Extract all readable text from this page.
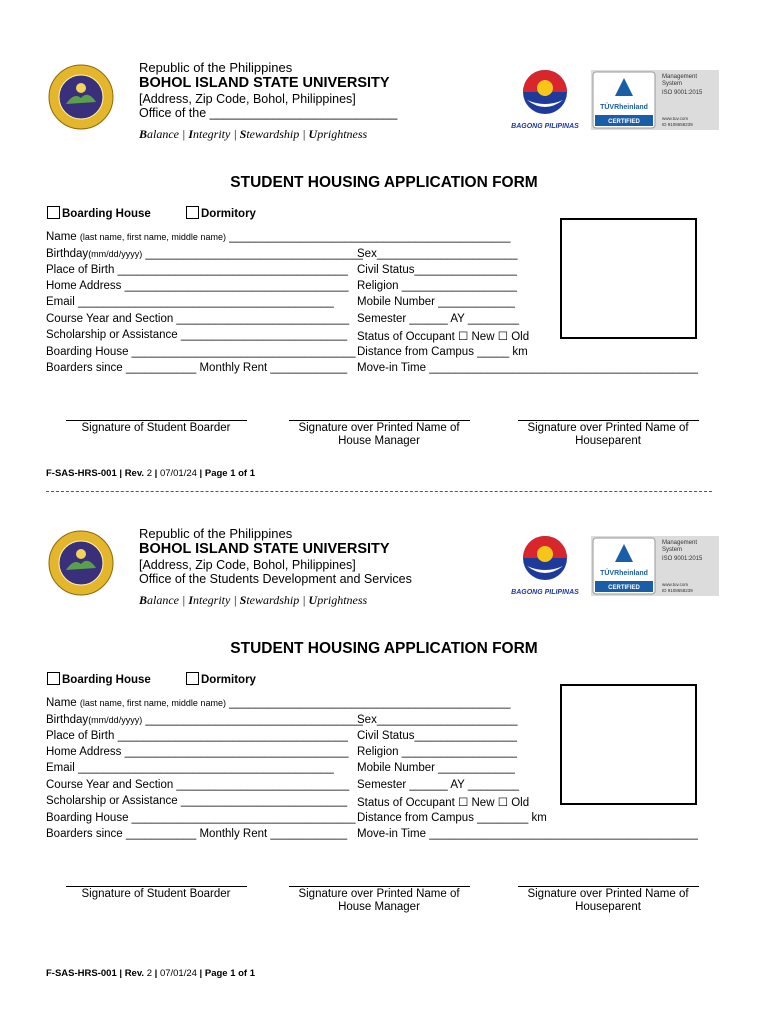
Republic of the Philippines
BOHOL ISLAND STATE UNIVERSITY
[Address, Zip Code, Bohol, Philippines]
Office of the ___________________________
Balance | Integrity | Stewardship | Uprightness
BAGONG PILIPINAS
TÜVRheinland
CERTIFIED
Management
System
ISO 9001:2015
www.tuv.com
ID 9108658239
STUDENT HOUSING APPLICATION FORM
Boarding House	Dormitory
Name (last name, first name, middle name) ____________________________________________
Birthday(mm/dd/yyyy) __________________________________
Place of Birth ____________________________________
Home Address ___________________________________
Email ________________________________________
Course Year and Section ___________________________
Scholarship or Assistance __________________________
Boarding House ___________________________________
Boarders since ___________ Monthly Rent ____________
Sex______________________
Civil Status________________
Religion __________________
Mobile Number ____________
Semester ______ AY ________
Status of Occupant ☐ New ☐ Old
Distance from Campus _____ km
Move-in Time __________________________________________
Signature of Student Boarder	Signature over Printed Name of
House Manager
Signature over Printed Name of
Houseparent
F-SAS-HRS-001 | Rev. 2 | 07/01/24 | Page 1 of 1
Republic of the Philippines
BOHOL ISLAND STATE UNIVERSITY
[Address, Zip Code, Bohol, Philippines]
Office of the Students Development and Services
Balance | Integrity | Stewardship | Uprightness
BAGONG PILIPINAS
TÜVRheinland
CERTIFIED
Management
System
ISO 9001:2015
www.tuv.com
ID 9108658239
STUDENT HOUSING APPLICATION FORM
Boarding House	Dormitory
Name (last name, first name, middle name) ____________________________________________
Birthday(mm/dd/yyyy) __________________________________
Place of Birth ____________________________________
Home Address ___________________________________
Email ________________________________________
Course Year and Section ___________________________
Scholarship or Assistance __________________________
Boarding House ___________________________________
Boarders since ___________ Monthly Rent ____________
Sex______________________
Civil Status________________
Religion __________________
Mobile Number ____________
Semester ______ AY ________
Status of Occupant ☐ New ☐ Old
Distance from Campus ________ km
Move-in Time __________________________________________
Signature of Student Boarder	Signature over Printed Name of
House Manager
Signature over Printed Name of
Houseparent
F-SAS-HRS-001 | Rev. 2 | 07/01/24 | Page 1 of 1
